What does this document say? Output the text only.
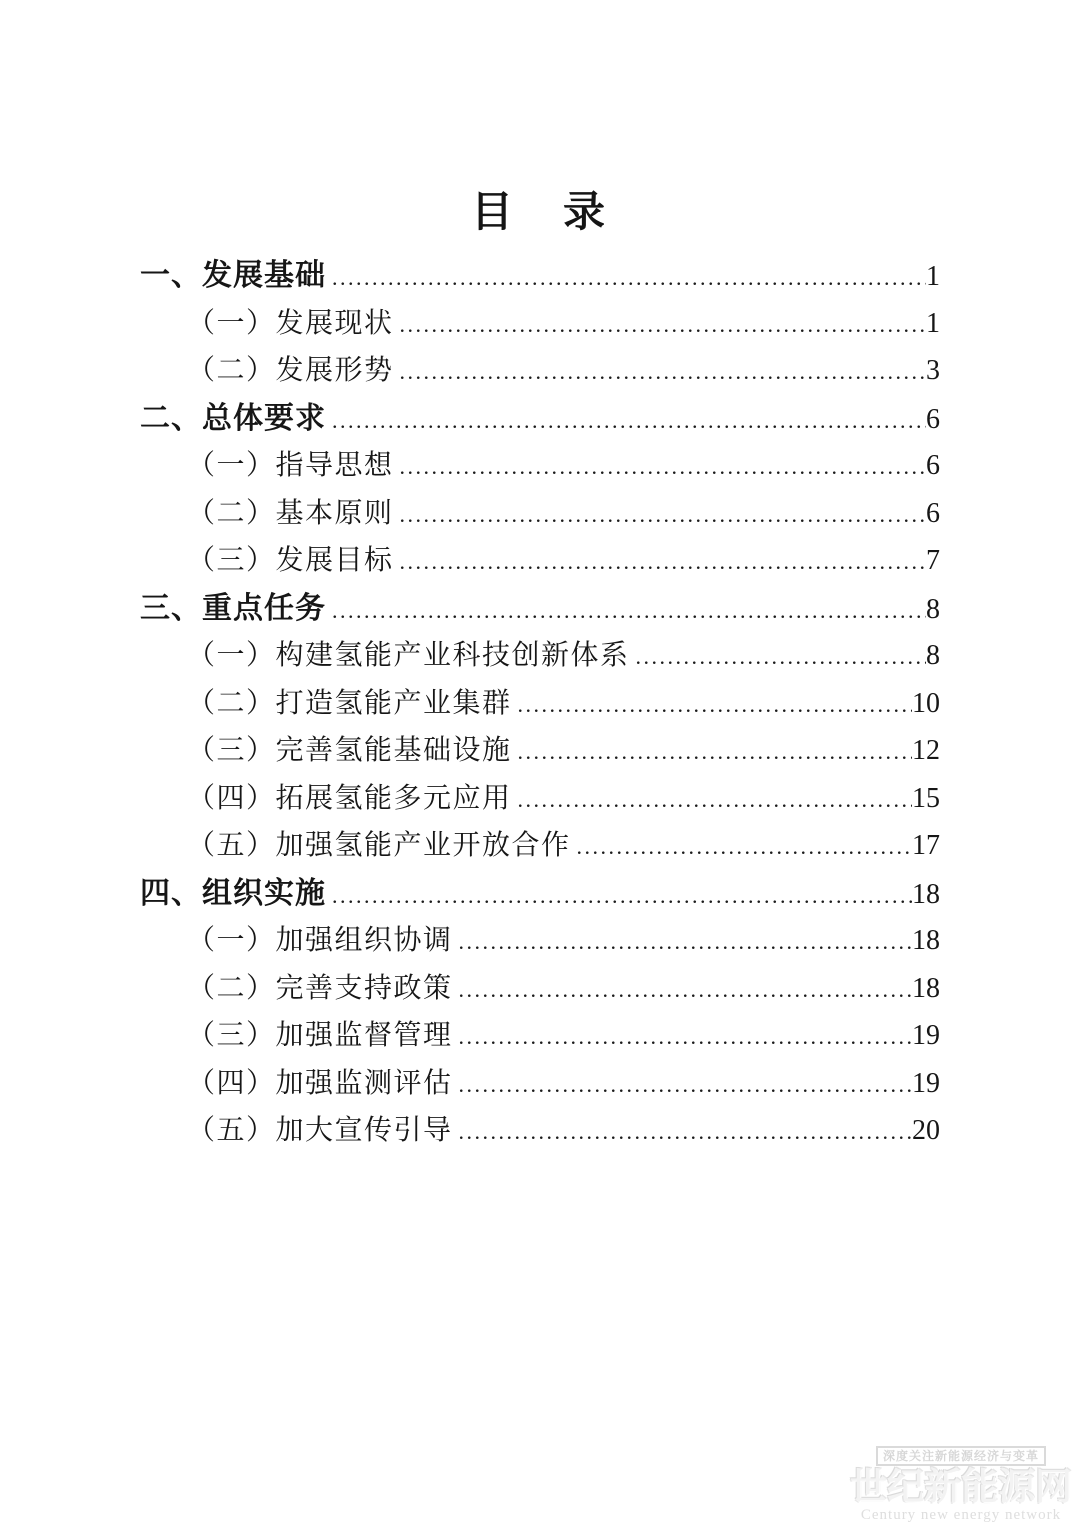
目　录
一、发展基础 .....	1
（一）发展现状 .....	1
（二）发展形势 .....	3
二、总体要求 .....	6
（一）指导思想 .....	6
（二）基本原则 .....	6
（三）发展目标 .....	7
三、重点任务 .....	8
（一）构建氢能产业科技创新体系 .....	8
（二）打造氢能产业集群 .....	10
（三）完善氢能基础设施 .....	12
（四）拓展氢能多元应用 .....	15
（五）加强氢能产业开放合作 .....	17
四、组织实施 .....	18
（一）加强组织协调 .....	18
（二）完善支持政策 .....	18
（三）加强监督管理 .....	19
（四）加强监测评估 .....	19
（五）加大宣传引导 .....	20
深度关注新能源经济与变革
世纪新能源网
Century new energy network
